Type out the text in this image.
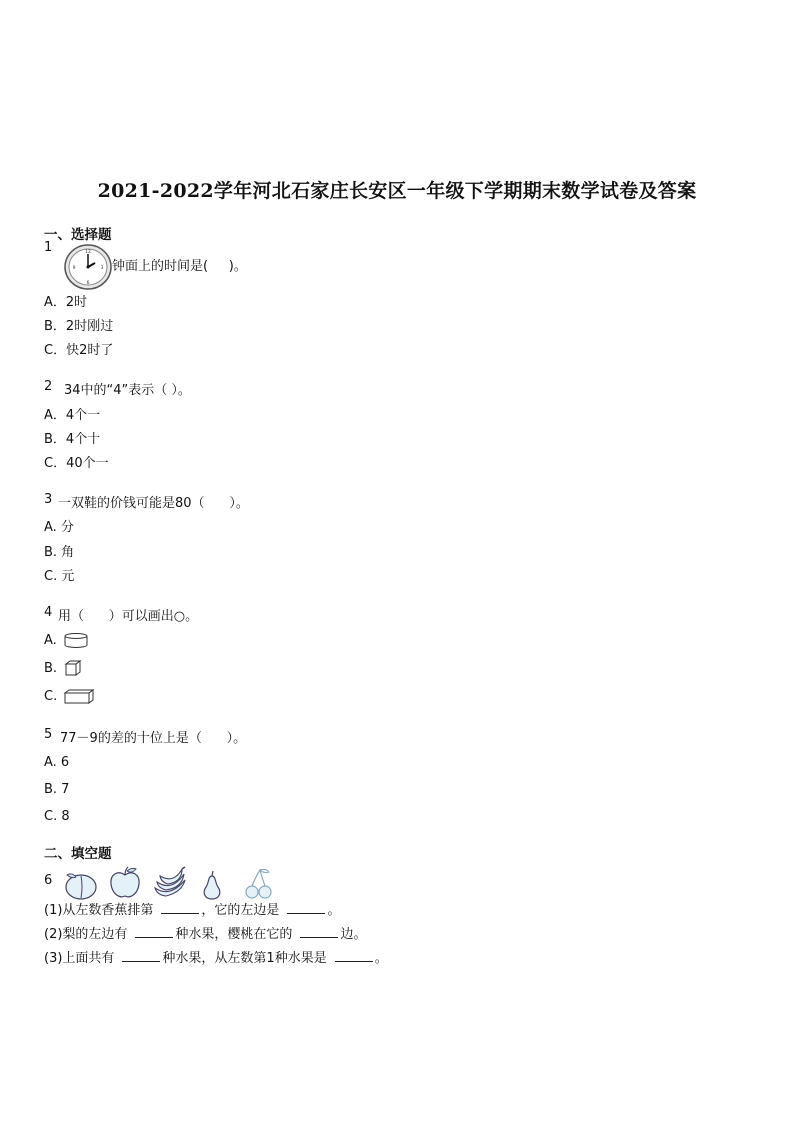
2021-2022学年河北石家庄长安区一年级下学期期末数学试卷及答案
一、选择题
1	12
3
6
9	钟面上的时间是(     )。
A．2时
B．2时刚过
C．快2时了
2 34中的“4”表示（ ）。
A．4个一
B．4个十
C．40个一
3 一双鞋的价钱可能是80（      ）。
A. 分
B. 角
C. 元
4 用（      ）可以画出○。
A.
B.
C.
5 77－9的差的十位上是（      ）。
A. 6
B. 7
C. 8
二、填空题
6
(1)从左数香蕉排第	，它的左边是	。
(2)梨的左边有	种水果，樱桃在它的	边。
(3)上面共有	种水果，从左数第1种水果是	。
